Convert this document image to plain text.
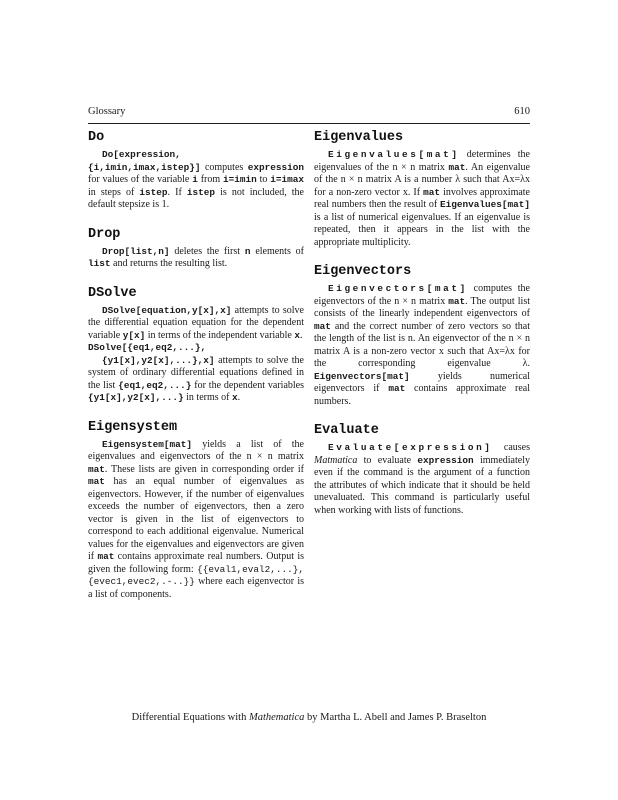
Glossary	610
Do

Do[expression,
{i,imin,imax,istep}] computes expression for values of the variable i from i=imin to i=imax in steps of istep. If istep is not included, the default stepsize is 1.

Drop

Drop[list,n] deletes the first n elements of list and returns the resulting list.

DSolve

DSolve[equation,y[x],x] attempts to solve the differential equation equation for the dependent variable y[x] in terms of the independent variable x.
DSolve[{eq1,eq2,...},
{y1[x],y2[x],...},x] attempts to solve the system of ordinary differential equations defined in the list {eq1,eq2,...} for the dependent variables {y1[x],y2[x],...} in terms of x.

Eigensystem

Eigensystem[mat] yields a list of the eigenvalues and eigenvectors of the n × n matrix mat. These lists are given in corresponding order if mat has an equal number of eigenvalues as eigenvectors. However, if the number of eigenvalues exceeds the number of eigenvectors, then a zero vector is given in the list of eigenvectors to correspond to each additional eigenvalue. Numerical values for the eigenvalues and eigenvectors are given if mat contains approximate real numbers. Output is given the following form: {{eval1,eval2,...},{evec1,evec2,.-..}} where each eigenvector is a list of components.

Eigenvalues

Eigenvalues[mat] determines the eigenvalues of the n × n matrix mat. An eigenvalue of the n × n matrix A is a number λ such that Ax=λx for a non-zero vector x. If mat involves approximate real numbers then the result of Eigenvalues[mat] is a list of numerical eigenvalues. If an eigenvalue is repeated, then it appears in the list with the appropriate multiplicity.

Eigenvectors

Eigenvectors[mat] computes the eigenvectors of the n × n matrix mat. The output list consists of the linearly independent eigenvectors of mat and the correct number of zero vectors so that the length of the list is n. An eigenvector of the n × n matrix A is a non-zero vector x such that Ax=λx for the corresponding eigenvalue λ. Eigenvectors[mat] yields numerical eigenvectors if mat contains approximate real numbers.

Evaluate

Evaluate[expression] causes Matmatica to evaluate expression immediately even if the command is the argument of a function the attributes of which indicate that it should be held unevaluated. This command is particularly useful when working with lists of functions.

Differential Equations with Mathematica by Martha L. Abell and James P. Braselton
